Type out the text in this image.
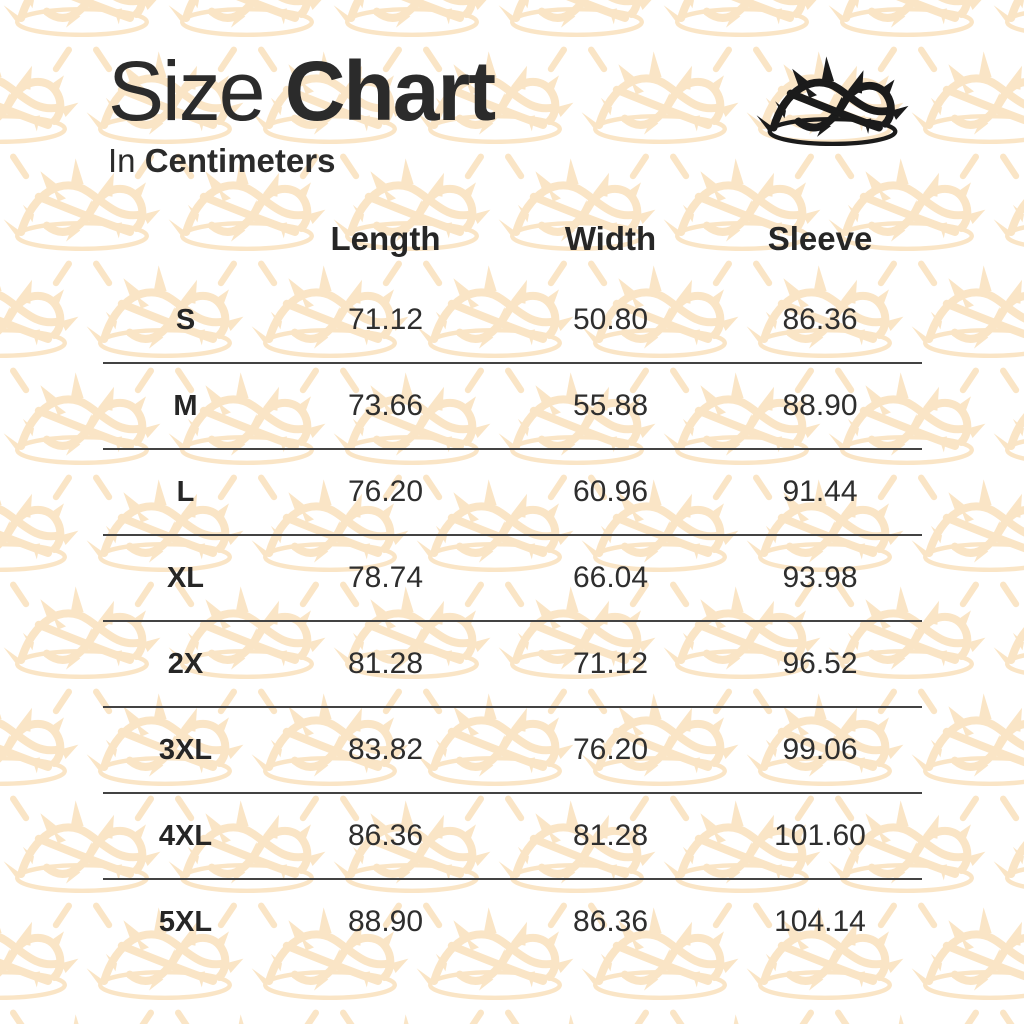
Size Chart
In Centimeters
	Length	Width	Sleeve
S	71.12	50.80	86.36
M	73.66	55.88	88.90
L	76.20	60.96	91.44
XL	78.74	66.04	93.98
2X	81.28	71.12	96.52
3XL	83.82	76.20	99.06
4XL	86.36	81.28	101.60
5XL	88.90	86.36	104.14
